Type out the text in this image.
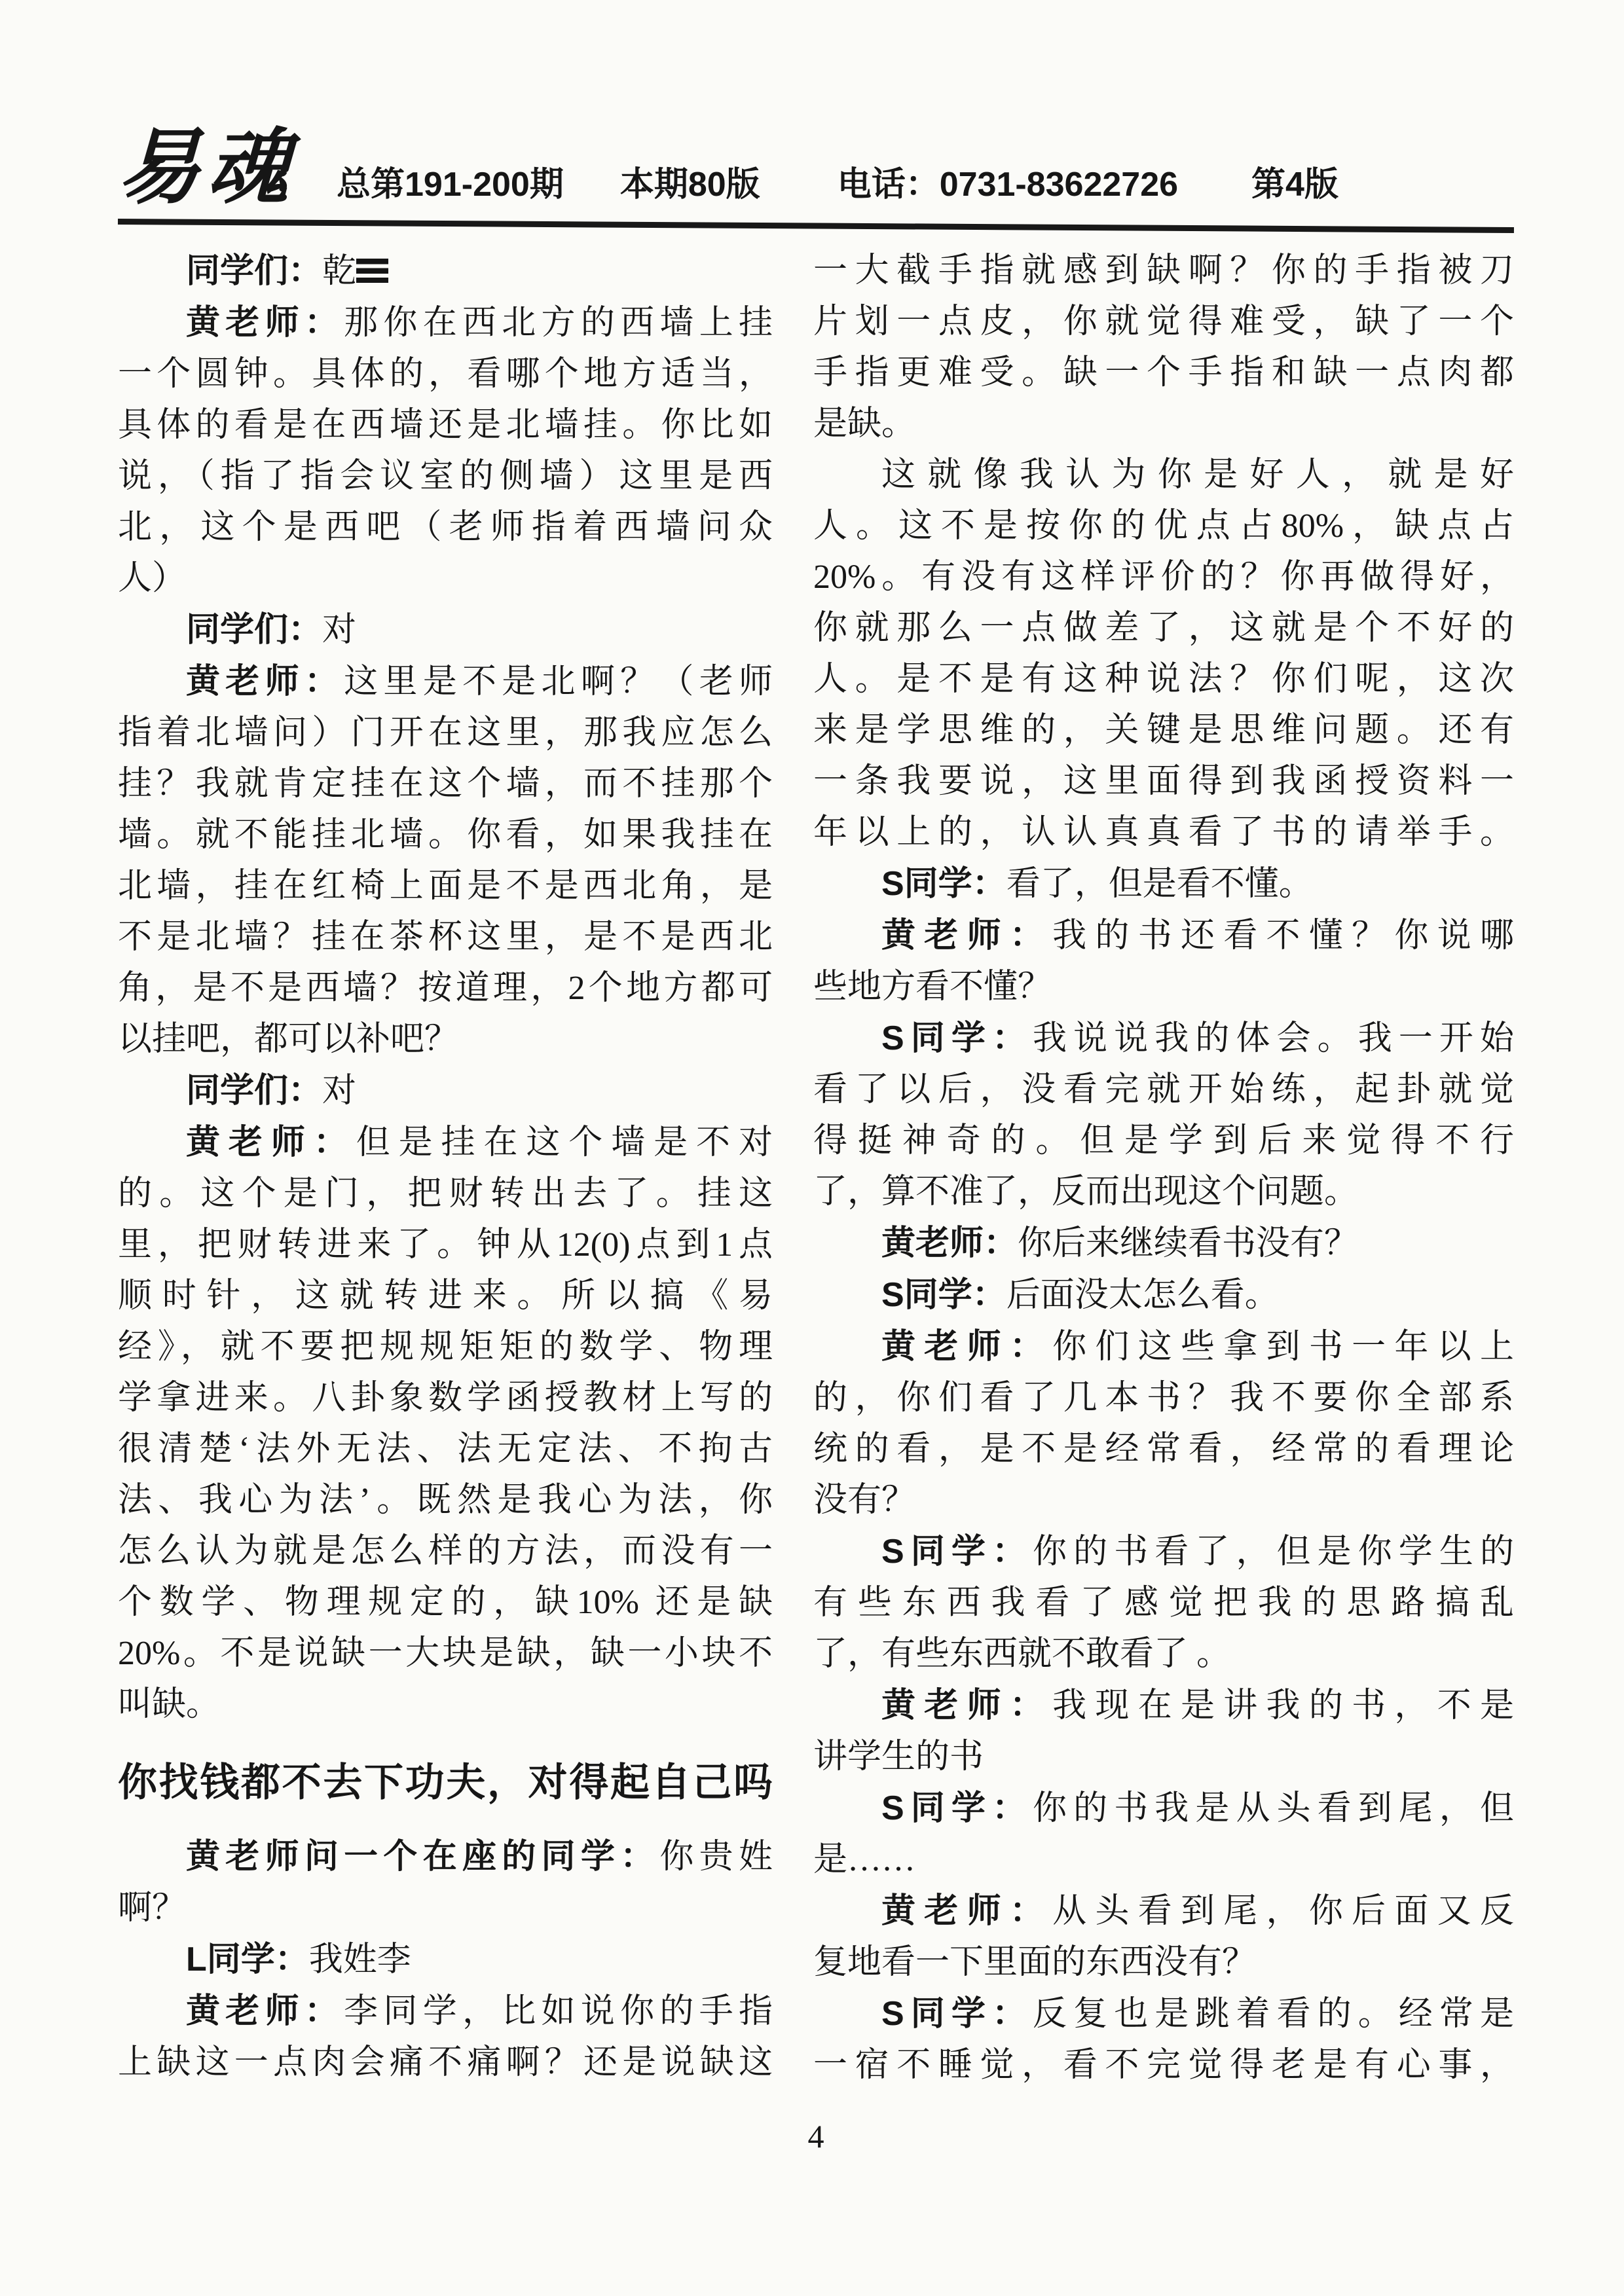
易魂 总第191-200期 本期80版 电话：0731-83622726 第4版
同学们：乾
黄老师：那你在西北方的西墙上挂
一个圆钟。具体的，看哪个地方适当，
具体的看是在西墙还是北墙挂。你比如
说，（指了指会议室的侧墙）这里是西
北，这个是西吧（老师指着西墙问众
人）
同学们：对
黄老师：这里是不是北啊？（老师
指着北墙问）门开在这里，那我应怎么
挂？我就肯定挂在这个墙，而不挂那个
墙。就不能挂北墙。你看，如果我挂在
北墙，挂在红椅上面是不是西北角，是
不是北墙？挂在茶杯这里，是不是西北
角，是不是西墙？按道理，2个地方都可
以挂吧，都可以补吧？
同学们：对
黄老师：但是挂在这个墙是不对
的。这个是门，把财转出去了。挂这
里，把财转进来了。钟从12(0)点到1点
顺时针，这就转进来。所以搞《易
经》，就不要把规规矩矩的数学、物理
学拿进来。八卦象数学函授教材上写的
很清楚‘法外无法、法无定法、不拘古
法、我心为法’。既然是我心为法，你
怎么认为就是怎么样的方法，而没有一
个数学、物理规定的，缺10% 还是缺
20%。不是说缺一大块是缺，缺一小块不
叫缺。
你找钱都不去下功夫，对得起自己吗
黄老师问一个在座的同学：你贵姓
啊？
L同学：我姓李
黄老师：李同学，比如说你的手指
上缺这一点肉会痛不痛啊？还是说缺这
一大截手指就感到缺啊？你的手指被刀
片划一点皮，你就觉得难受，缺了一个
手指更难受。缺一个手指和缺一点肉都
是缺。
这就像我认为你是好人，就是好
人。这不是按你的优点占80%，缺点占
20%。有没有这样评价的？你再做得好，
你就那么一点做差了，这就是个不好的
人。是不是有这种说法？你们呢，这次
来是学思维的，关键是思维问题。还有
一条我要说，这里面得到我函授资料一
年以上的，认认真真看了书的请举手。
S同学：看了，但是看不懂。
黄老师：我的书还看不懂？你说哪
些地方看不懂？
S同学：我说说我的体会。我一开始
看了以后，没看完就开始练，起卦就觉
得挺神奇的。但是学到后来觉得不行
了，算不准了，反而出现这个问题。
黄老师：你后来继续看书没有？
S同学：后面没太怎么看。
黄老师：你们这些拿到书一年以上
的，你们看了几本书？我不要你全部系
统的看，是不是经常看，经常的看理论
没有？
S同学：你的书看了，但是你学生的
有些东西我看了感觉把我的思路搞乱
了，有些东西就不敢看了 。
黄老师：我现在是讲我的书，不是
讲学生的书
S同学：你的书我是从头看到尾，但
是……
黄老师：从头看到尾，你后面又反
复地看一下里面的东西没有？
S同学：反复也是跳着看的。经常是
一宿不睡觉，看不完觉得老是有心事，
4
